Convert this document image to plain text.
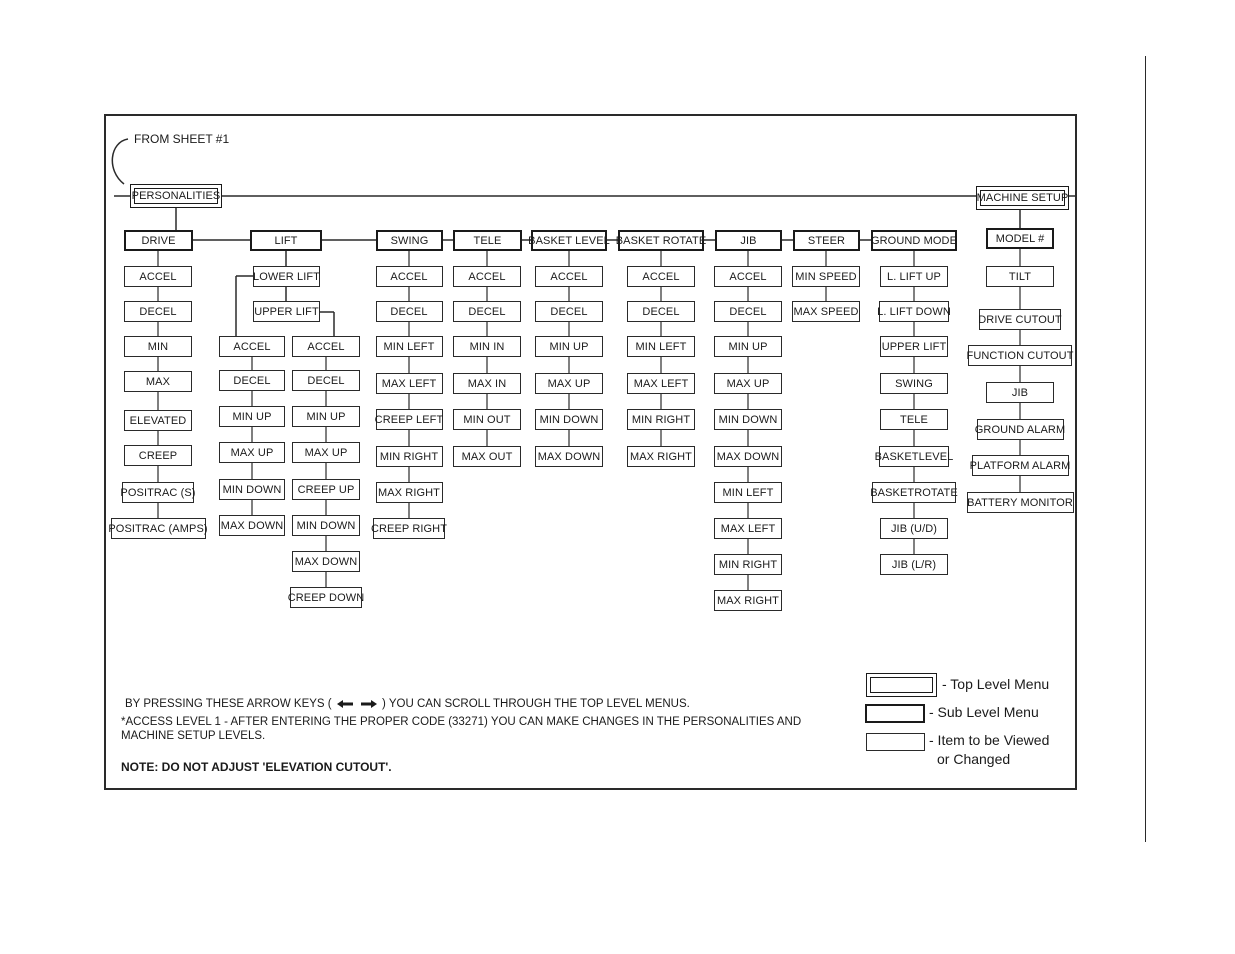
FROM SHEET #1
PERSONALITIES	MACHINE SETUP
DRIVE	LIFT	SWING	TELE	BASKET LEVEL BASKET ROTATE	JIB	STEER	GROUND MODE	MODEL #
LOWER LIFT
UPPER LIFT
ACCEL
DECEL
MIN
MAX
ELEVATED
CREEP
POSITRAC (S)
POSITRAC (AMPS)
ACCEL
DECEL
MIN UP
MAX UP
MIN DOWN
MAX DOWN
ACCEL
DECEL
MIN UP
MAX UP
CREEP UP
MIN DOWN
MAX DOWN
CREEP DOWN
ACCEL
DECEL
MIN LEFT
MAX LEFT
CREEP LEFT
MIN RIGHT
MAX RIGHT
CREEP RIGHT
ACCEL
DECEL
MIN IN
MAX IN
MIN OUT
MAX OUT
ACCEL
DECEL
MIN UP
MAX UP
MIN DOWN
MAX DOWN
ACCEL
DECEL
MIN LEFT
MAX LEFT
MIN RIGHT
MAX RIGHT
ACCEL
DECEL
MIN UP
MAX UP
MIN DOWN
MAX DOWN
MIN LEFT
MAX LEFT
MIN RIGHT
MAX RIGHT
MIN SPEED
MAX SPEED
L. LIFT UP
L. LIFT DOWN
UPPER LIFT
SWING
TELE
BASKETLEVEL
BASKETROTATE
JIB (U/D)
JIB (L/R)
TILT
DRIVE CUTOUT
FUNCTION CUTOUT
JIB
GROUND ALARM
PLATFORM ALARM
BATTERY MONITOR
BY PRESSING THESE ARROW KEYS (	) YOU CAN SCROLL THROUGH THE TOP LEVEL MENUS.
*ACCESS LEVEL 1 - AFTER ENTERING THE PROPER CODE (33271) YOU CAN MAKE CHANGES IN THE PERSONALITIES AND
MACHINE SETUP LEVELS.
NOTE: DO NOT ADJUST 'ELEVATION CUTOUT'.
- Top Level Menu
- Sub Level Menu
- Item to be Viewed
or Changed
